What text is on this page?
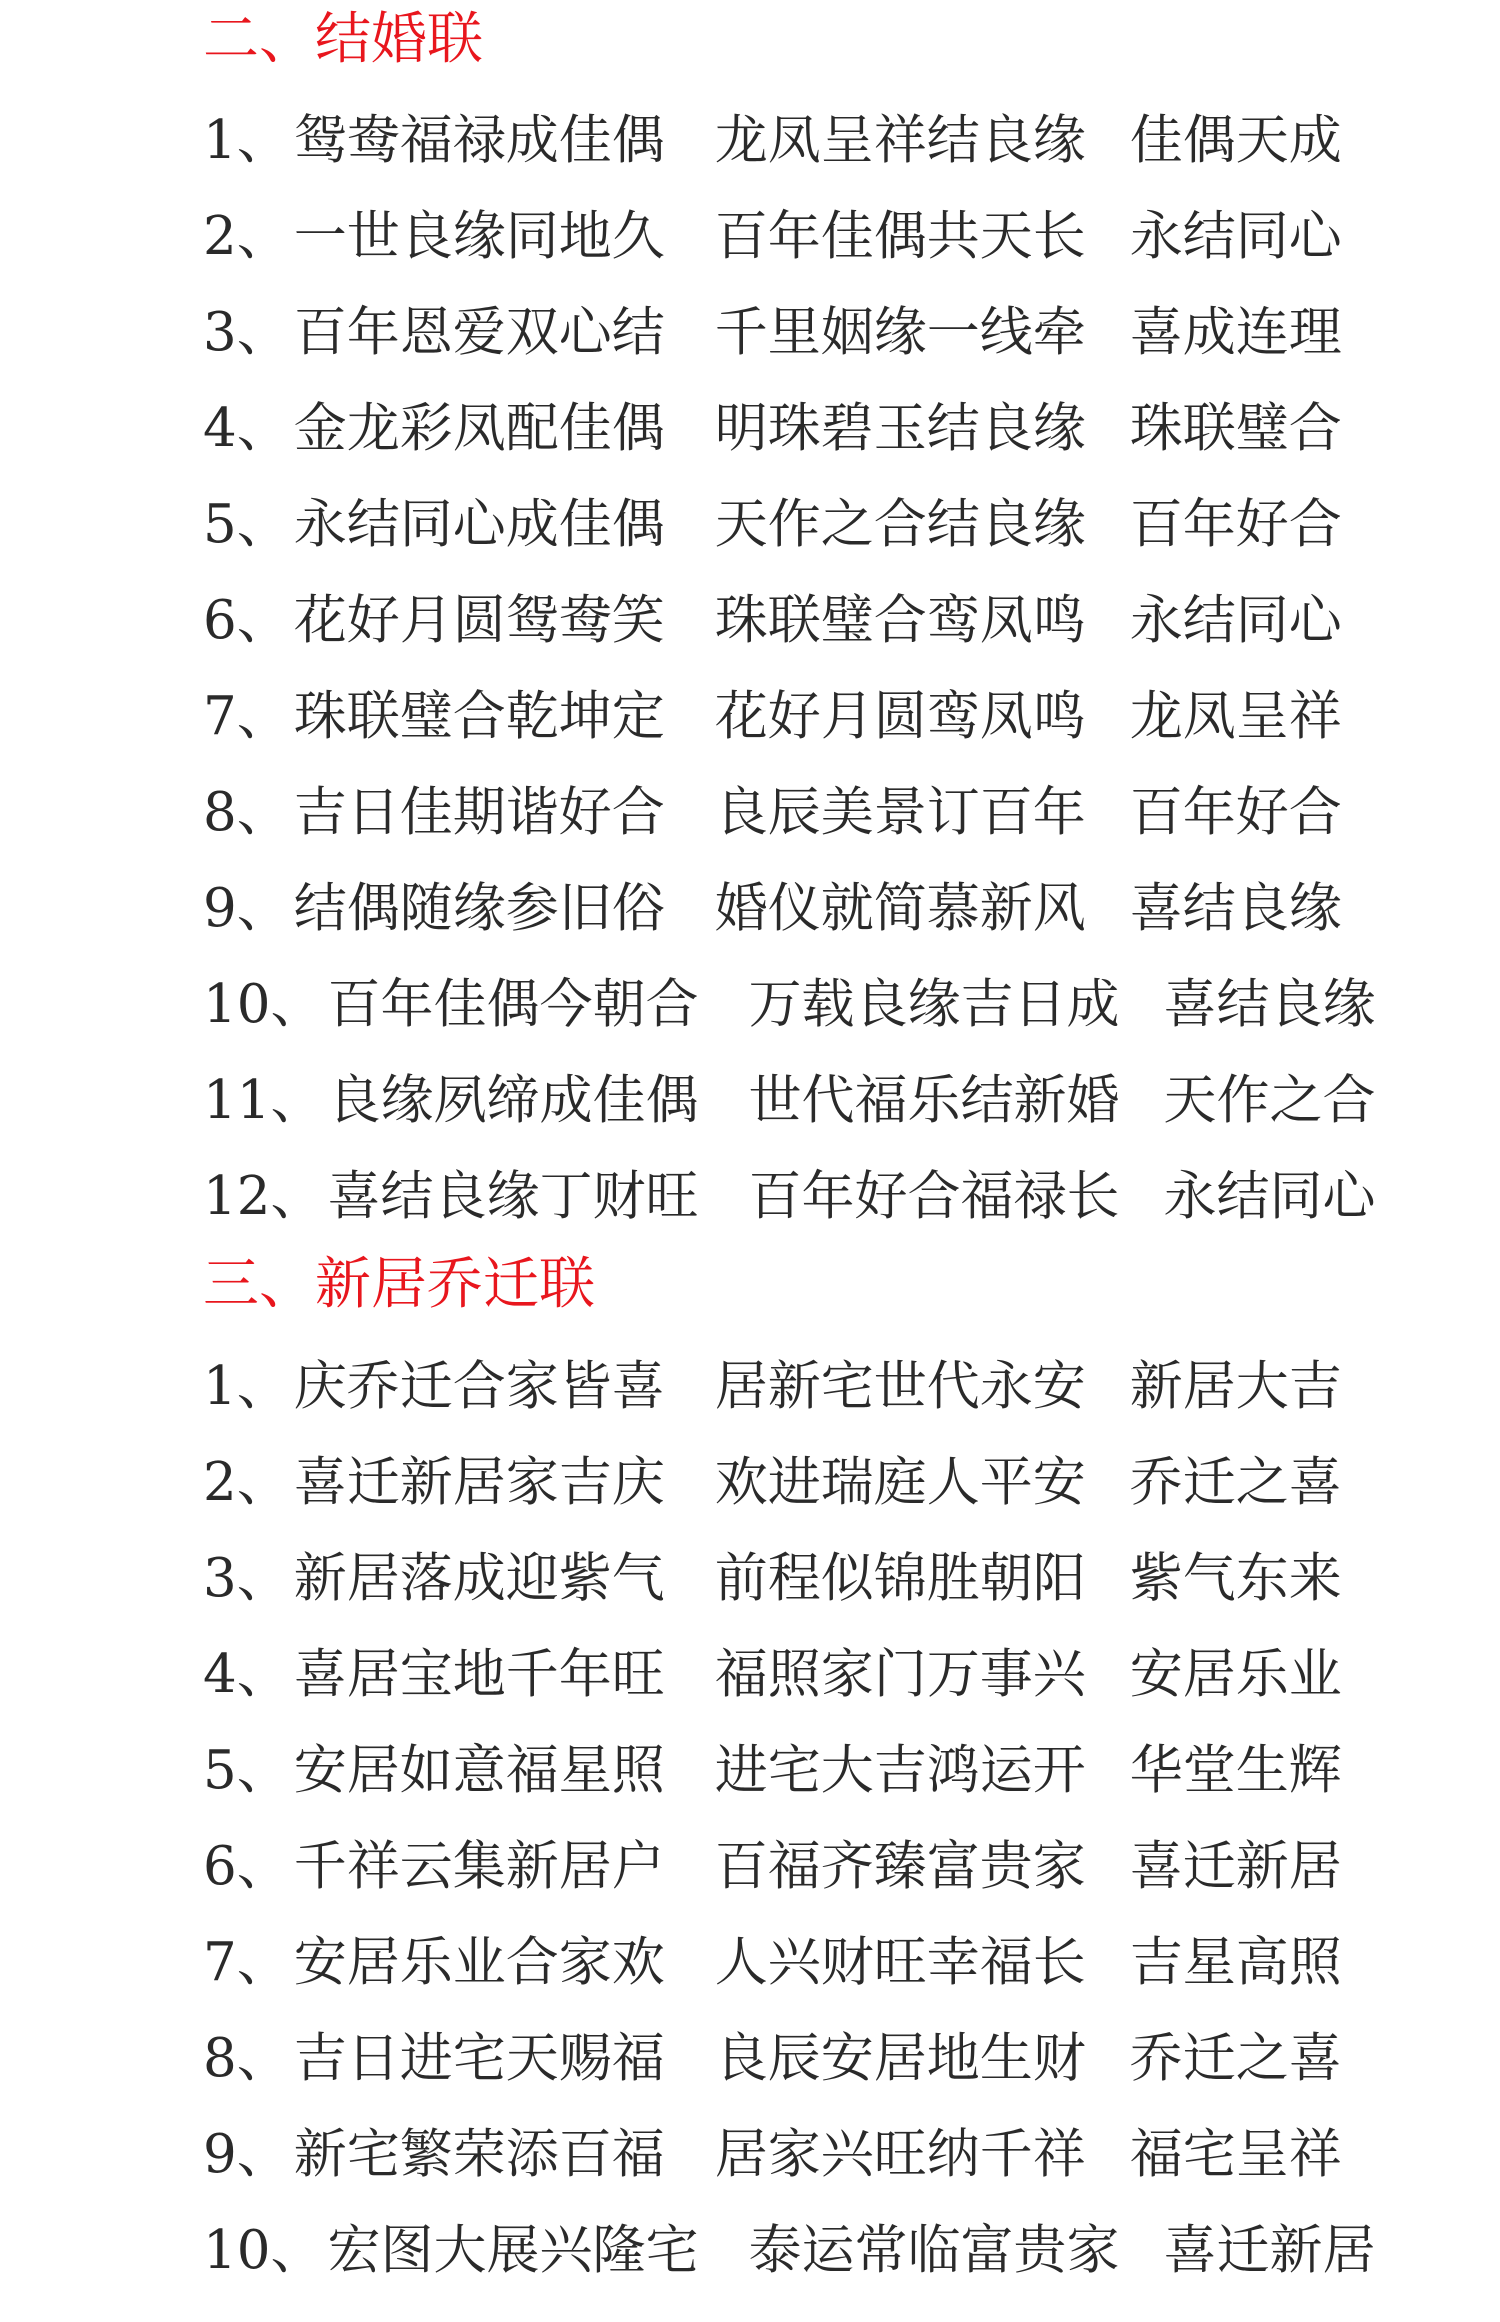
二、结婚联
1、 鸳鸯福禄成佳偶 龙凤呈祥结良缘 佳偶天成
2、 一世良缘同地久 百年佳偶共天长 永结同心
3、 百年恩爱双心结 千里姻缘一线牵 喜成连理
4、 金龙彩凤配佳偶 明珠碧玉结良缘 珠联璧合
5、 永结同心成佳偶 天作之合结良缘 百年好合
6、 花好月圆鸳鸯笑 珠联璧合鸾凤鸣 永结同心
7、 珠联璧合乾坤定 花好月圆鸾凤鸣 龙凤呈祥
8、 吉日佳期谐好合 良辰美景订百年 百年好合
9、 结偶随缘参旧俗 婚仪就简慕新风 喜结良缘
10、 百年佳偶今朝合 万载良缘吉日成 喜结良缘
11、 良缘夙缔成佳偶 世代福乐结新婚 天作之合
12、 喜结良缘丁财旺 百年好合福禄长 永结同心
三、新居乔迁联
1、 庆乔迁合家皆喜 居新宅世代永安 新居大吉
2、 喜迁新居家吉庆 欢进瑞庭人平安 乔迁之喜
3、 新居落成迎紫气 前程似锦胜朝阳 紫气东来
4、 喜居宝地千年旺 福照家门万事兴 安居乐业
5、 安居如意福星照 进宅大吉鸿运开 华堂生辉
6、 千祥云集新居户 百福齐臻富贵家 喜迁新居
7、 安居乐业合家欢 人兴财旺幸福长 吉星高照
8、 吉日进宅天赐福 良辰安居地生财 乔迁之喜
9、 新宅繁荣添百福 居家兴旺纳千祥 福宅呈祥
10、 宏图大展兴隆宅 泰运常临富贵家 喜迁新居
